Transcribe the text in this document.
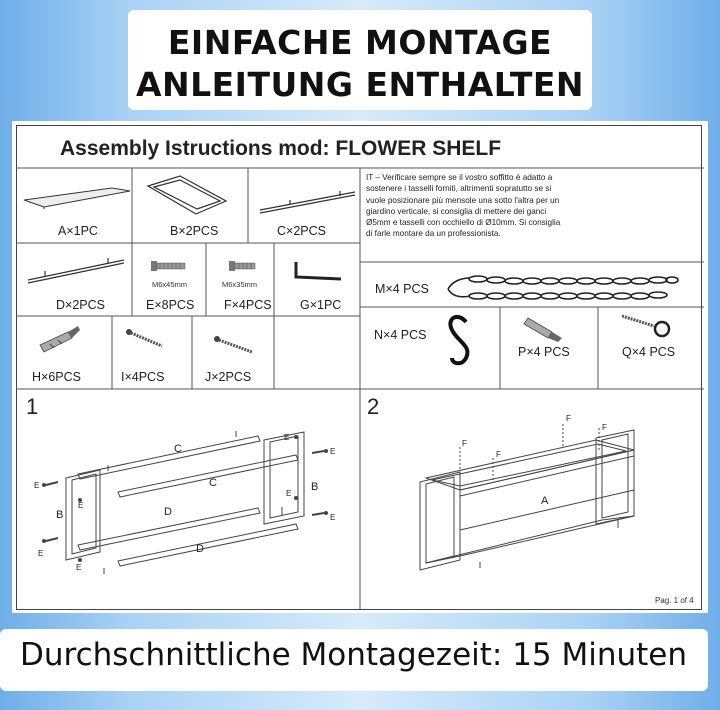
EINFACHE MONTAGE
ANLEITUNG ENTHALTEN
C
C
D
D
B
B
E
E
E
E
E
E
E
E
A
F
F
F
F
Assembly Istructions mod: FLOWER SHELF
A×1PC	B×2PCS	C×2PCS
D×2PCS	E×8PCS F×4PCS G×1PC
M6x45mm	M6x35mm
H×6PCS	I×4PCS	J×2PCS
M×4 PCS
N×4 PCS
P×4 PCS	Q×4 PCS
IT – Verificare sempre se il vostro soffitto è adatto a sostenere i tasselli forniti, altrimenti sopratutto se si vuole posizionare più mensole una sotto l'altra per un giardino verticale, si consiglia di mettere dei ganci Ø5mm e tasselli con occhiello di Ø10mm. Si consiglia di farle montare da un professionista.
1	2
Pag. 1 of 4
Durchschnittliche Montagezeit: 15 Minuten
